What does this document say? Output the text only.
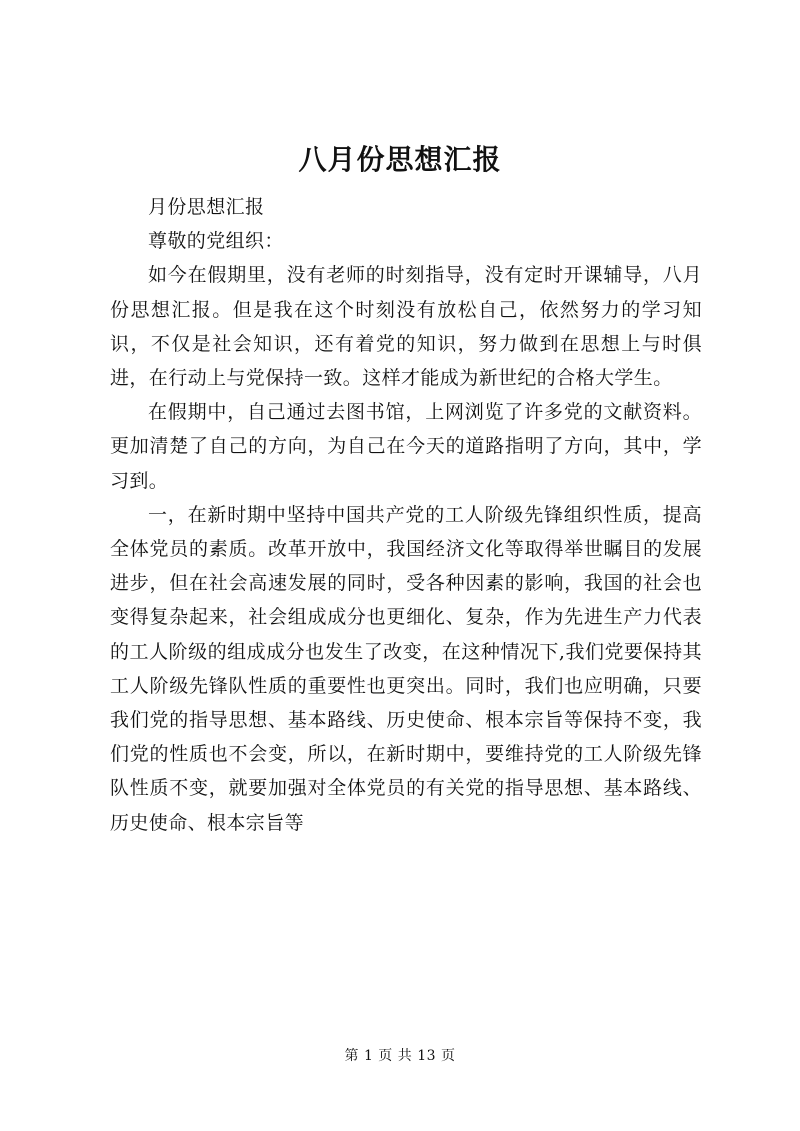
八月份思想汇报

月份思想汇报

尊敬的党组织：

如今在假期里，没有老师的时刻指导，没有定时开课辅导，八月份思想汇报。但是我在这个时刻没有放松自己，依然努力的学习知识，不仅是社会知识，还有着党的知识，努力做到在思想上与时俱进，在行动上与党保持一致。这样才能成为新世纪的合格大学生。

在假期中，自己通过去图书馆，上网浏览了许多党的文献资料。更加清楚了自己的方向，为自己在今天的道路指明了方向，其中，学习到。

一，在新时期中坚持中国共产党的工人阶级先锋组织性质，提高全体党员的素质。改革开放中，我国经济文化等取得举世瞩目的发展进步，但在社会高速发展的同时，受各种因素的影响，我国的社会也变得复杂起来，社会组成成分也更细化、复杂，作为先进生产力代表的工人阶级的组成成分也发生了改变，在这种情况下,我们党要保持其工人阶级先锋队性质的重要性也更突出。同时，我们也应明确，只要我们党的指导思想、基本路线、历史使命、根本宗旨等保持不变，我们党的性质也不会变，所以，在新时期中，要维持党的工人阶级先锋队性质不变，就要加强对全体党员的有关党的指导思想、基本路线、历史使命、根本宗旨等

第 1 页 共 13 页
